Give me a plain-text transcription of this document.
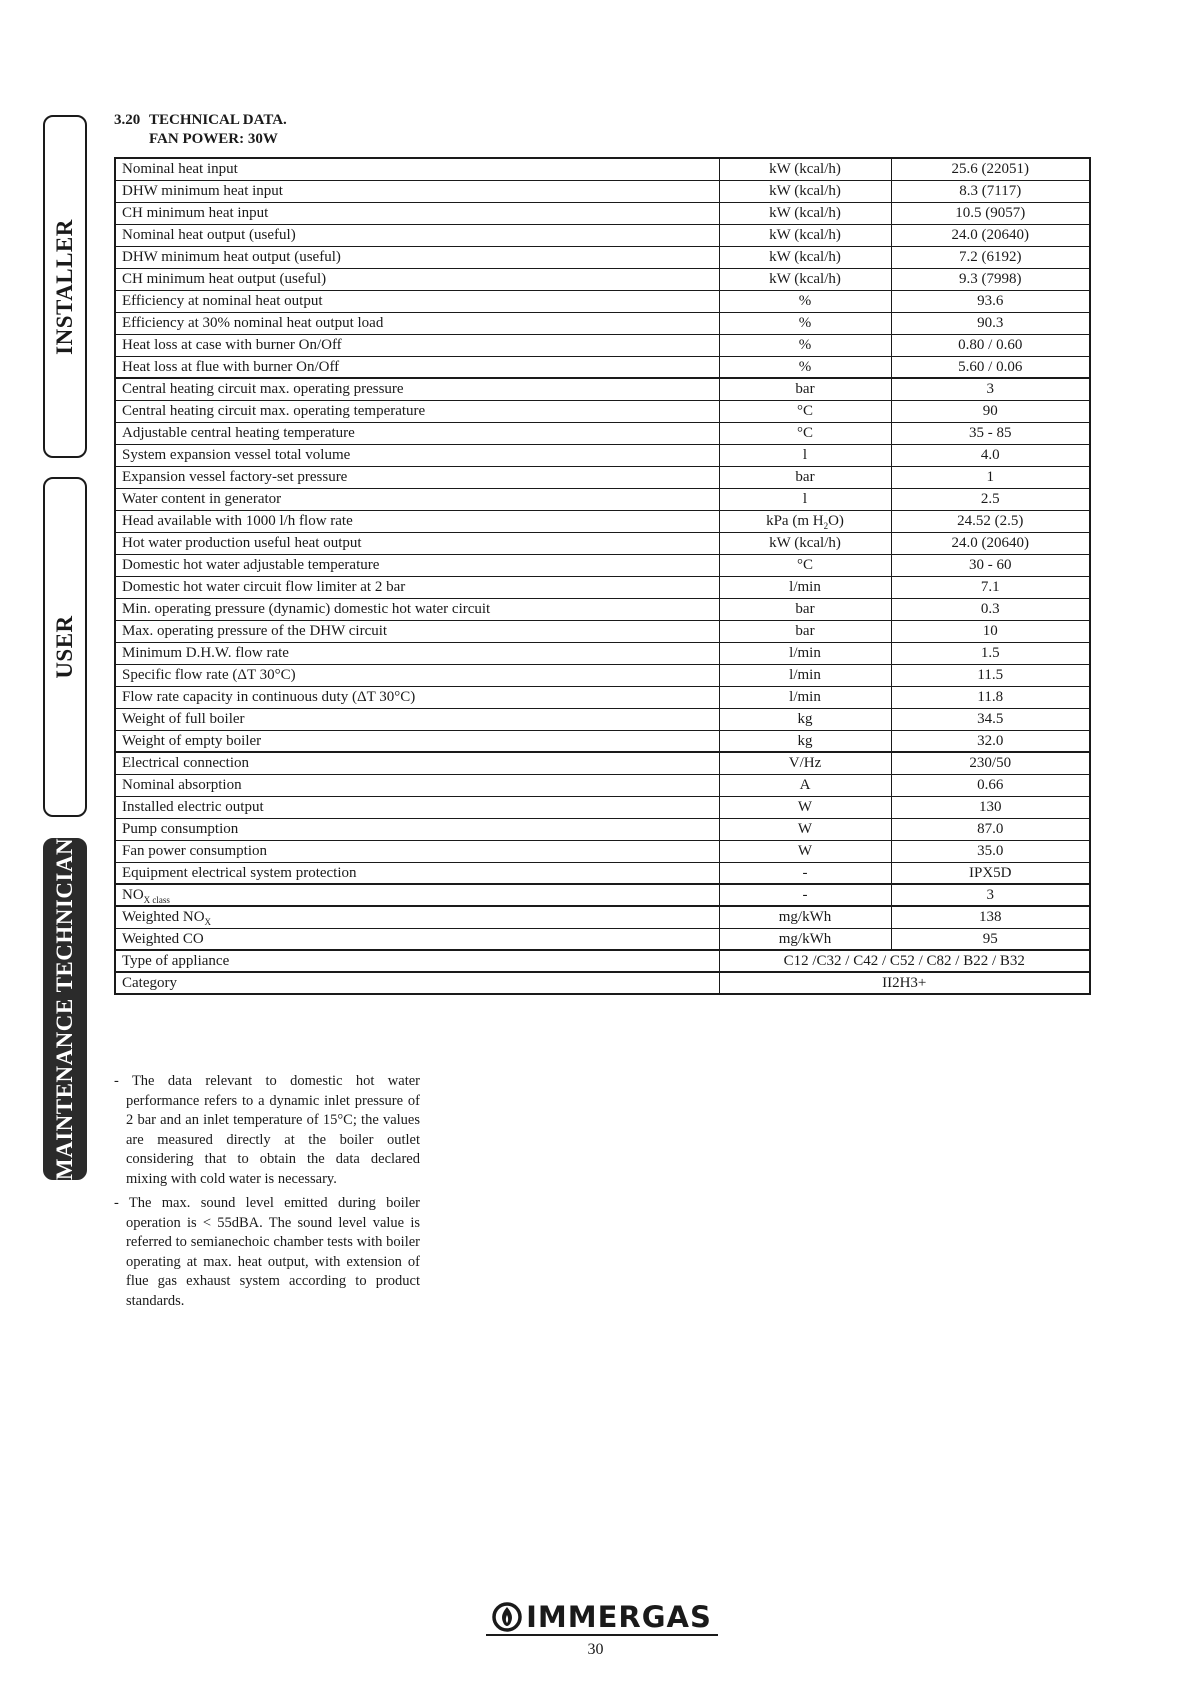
INSTALLER
USER
MAINTENANCE TECHNICIAN
3.20 TECHNICAL DATA.
FAN POWER: 30W
Nominal heat input	kW (kcal/h)	25.6 (22051)
DHW minimum heat input	kW (kcal/h)	8.3 (7117)
CH minimum heat input	kW (kcal/h)	10.5 (9057)
Nominal heat output (useful)	kW (kcal/h)	24.0 (20640)
DHW minimum heat output (useful)	kW (kcal/h)	7.2 (6192)
CH minimum heat output (useful)	kW (kcal/h)	9.3 (7998)
Efficiency at nominal heat output	%	93.6
Efficiency at 30% nominal heat output load	%	90.3
Heat loss at case with burner On/Off	%	0.80 / 0.60
Heat loss at flue with burner On/Off	%	5.60 / 0.06
Central heating circuit max. operating pressure	bar	3
Central heating circuit max. operating temperature	°C	90
Adjustable central heating temperature	°C	35 - 85
System expansion vessel total volume	l	4.0
Expansion vessel factory-set pressure	bar	1
Water content in generator	l	2.5
Head available with 1000 l/h flow rate	kPa (m $H_2O$)	24.52 (2.5)
Hot water production useful heat output	kW (kcal/h)	24.0 (20640)
Domestic hot water adjustable temperature	°C	30 - 60
Domestic hot water circuit flow limiter at 2 bar	l/min	7.1
Min. operating pressure (dynamic) domestic hot water circuit	bar	0.3
Max. operating pressure of the DHW circuit	bar	10
Minimum D.H.W. flow rate	l/min	1.5
Specific flow rate (ΔT 30°C)	l/min	11.5
Flow rate capacity in continuous duty (ΔT 30°C)	l/min	11.8
Weight of full boiler	kg	34.5
Weight of empty boiler	kg	32.0
Electrical connection	V/Hz	230/50
Nominal absorption	A	0.66
Installed electric output	W	130
Pump consumption	W	87.0
Fan power consumption	W	35.0
Equipment electrical system protection	-	IPX5D
$NO_{X class}$	-	3
Weighted $NO_X$	mg/kWh	138
Weighted CO	mg/kWh	95
Type of appliance	C12 /C32 / C42 / C52 / C82 / B22 / B32	
Category	II2H3+	
- The data relevant to domestic hot water performance refers to a dynamic inlet pressure of 2 bar and an inlet temperature of 15°C; the values are measured directly at the boiler outlet considering that to obtain the data declared mixing with cold water is necessary.
- The max. sound level emitted during boiler operation is < 55dBA. The sound level value is referred to semianechoic chamber tests with boiler operating at max. heat output, with extension of flue gas exhaust system according to product standards.
IMMERGAS
30
